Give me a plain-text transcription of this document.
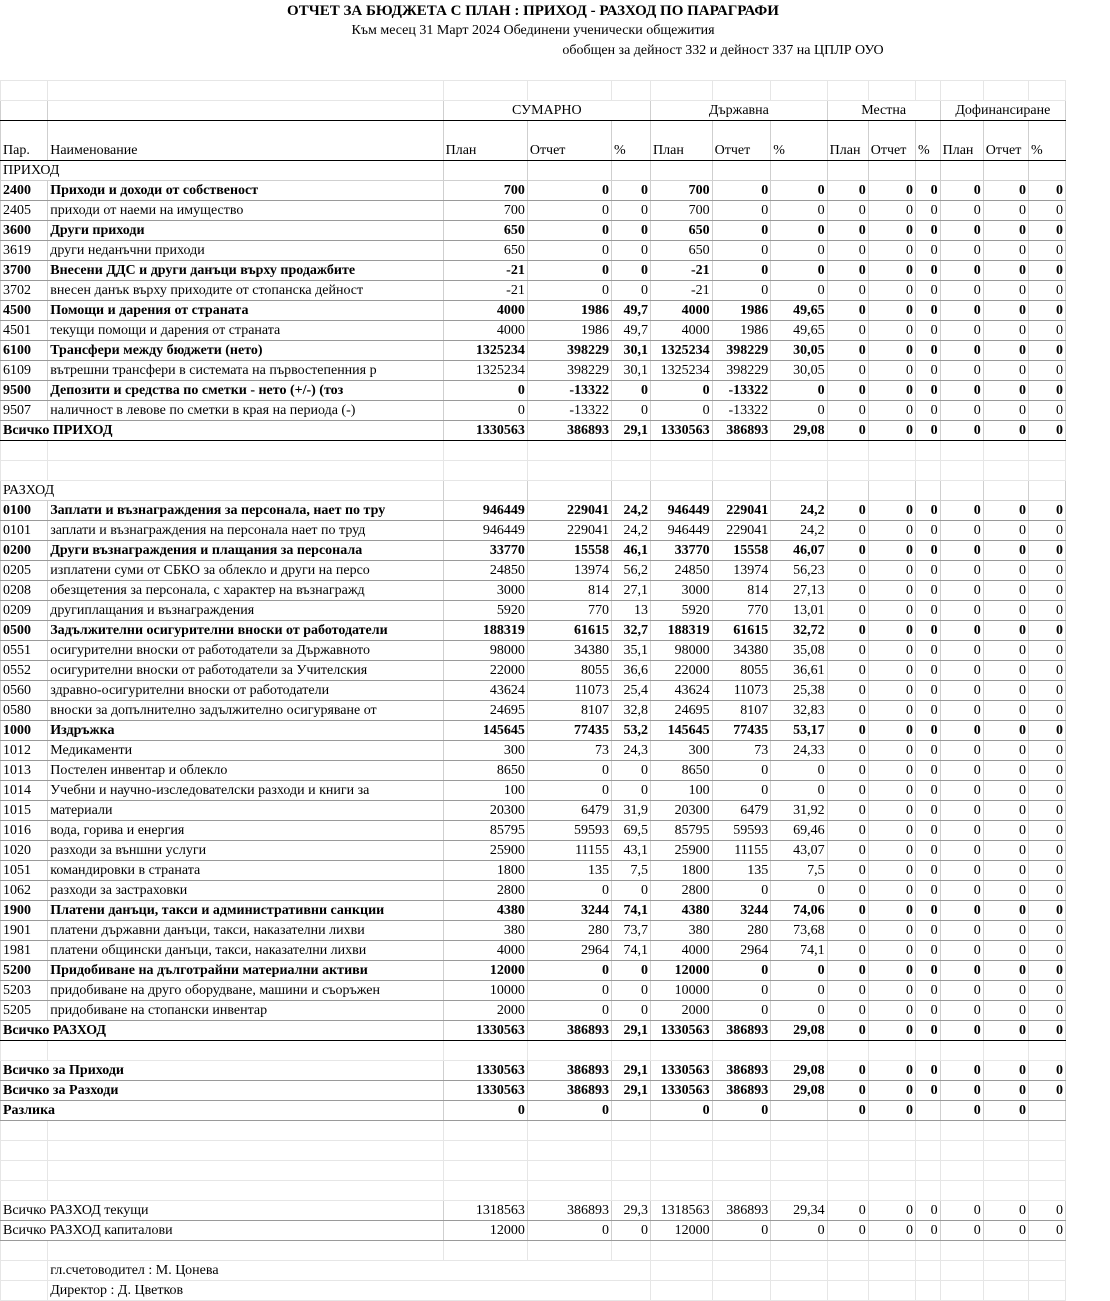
ОТЧЕТ ЗА БЮДЖЕТА С ПЛАН : ПРИХОД - РАЗХОД ПО ПАРАГРАФИ
Към месец 31 Март 2024 Обединени ученически общежития
обобщен за дейност 332 и дейност 337 на ЦПЛР ОУО

		СУМАРНО			Държавна			Местна			Дофинансиране		
Пар.	Наименование	План	Отчет	%	План	Отчет	%	План	Отчет	%	План	Отчет	%
ПРИХОД													
2400	Приходи и доходи от собственост	700	0	0	700	0	0	0	0	0	0	0	0
2405	приходи от наеми на имущество	700	0	0	700	0	0	0	0	0	0	0	0
3600	Други приходи	650	0	0	650	0	0	0	0	0	0	0	0
3619	други неданъчни приходи	650	0	0	650	0	0	0	0	0	0	0	0
3700	Внесени ДДС и други данъци върху продажбите	-21	0	0	-21	0	0	0	0	0	0	0	0
3702	внесен данък върху приходите от стопанска дейност	-21	0	0	-21	0	0	0	0	0	0	0	0
4500	Помощи и дарения от страната	4000	1986	49,7	4000	1986	49,65	0	0	0	0	0	0
4501	текущи помощи и дарения от страната	4000	1986	49,7	4000	1986	49,65	0	0	0	0	0	0
6100	Трансфери между бюджети (нето)	1325234	398229	30,1	1325234	398229	30,05	0	0	0	0	0	0
6109	вътрешни трансфери в системата на първостепенния р	1325234	398229	30,1	1325234	398229	30,05	0	0	0	0	0	0
9500	Депозити и средства по сметки - нето (+/-) (тоз	0	-13322	0	0	-13322	0	0	0	0	0	0	0
9507	наличност в левове по сметки в края на периода (-)	0	-13322	0	0	-13322	0	0	0	0	0	0	0
Всичко ПРИХОД		1330563	386893	29,1	1330563	386893	29,08	0	0	0	0	0	0

РАЗХОД													
0100	Заплати и възнаграждения за персонала, нает по тру	946449	229041	24,2	946449	229041	24,2	0	0	0	0	0	0
0101	заплати и възнаграждения на персонала нает по труд	946449	229041	24,2	946449	229041	24,2	0	0	0	0	0	0
0200	Други възнаграждения и плащания за персонала	33770	15558	46,1	33770	15558	46,07	0	0	0	0	0	0
0205	изплатени суми от СБКО за облекло и други на персо	24850	13974	56,2	24850	13974	56,23	0	0	0	0	0	0
0208	обезщетения за персонала, с характер на възнагражд	3000	814	27,1	3000	814	27,13	0	0	0	0	0	0
0209	другиплащания и възнаграждения	5920	770	13	5920	770	13,01	0	0	0	0	0	0
0500	Задължителни осигурителни вноски от работодатели	188319	61615	32,7	188319	61615	32,72	0	0	0	0	0	0
0551	осигурителни вноски от работодатели за Държавното	98000	34380	35,1	98000	34380	35,08	0	0	0	0	0	0
0552	осигурителни вноски от работодатели за Учителския	22000	8055	36,6	22000	8055	36,61	0	0	0	0	0	0
0560	здравно-осигурителни вноски от работодатели	43624	11073	25,4	43624	11073	25,38	0	0	0	0	0	0
0580	вноски за допълнително задължително осигуряване от	24695	8107	32,8	24695	8107	32,83	0	0	0	0	0	0
1000	Издръжка	145645	77435	53,2	145645	77435	53,17	0	0	0	0	0	0
1012	Медикаменти	300	73	24,3	300	73	24,33	0	0	0	0	0	0
1013	Постелен инвентар и облекло	8650	0	0	8650	0	0	0	0	0	0	0	0
1014	Учебни и научно-изследователски разходи и книги за	100	0	0	100	0	0	0	0	0	0	0	0
1015	материали	20300	6479	31,9	20300	6479	31,92	0	0	0	0	0	0
1016	вода, горива и енергия	85795	59593	69,5	85795	59593	69,46	0	0	0	0	0	0
1020	разходи за външни услуги	25900	11155	43,1	25900	11155	43,07	0	0	0	0	0	0
1051	командировки в страната	1800	135	7,5	1800	135	7,5	0	0	0	0	0	0
1062	разходи за застраховки	2800	0	0	2800	0	0	0	0	0	0	0	0
1900	Платени данъци, такси и административни санкции	4380	3244	74,1	4380	3244	74,06	0	0	0	0	0	0
1901	платени държавни данъци, такси, наказателни лихви	380	280	73,7	380	280	73,68	0	0	0	0	0	0
1981	платени общински данъци, такси, наказателни лихви	4000	2964	74,1	4000	2964	74,1	0	0	0	0	0	0
5200	Придобиване на дълготрайни материални активи	12000	0	0	12000	0	0	0	0	0	0	0	0
5203	придобиване на друго оборудване, машини и съоръжен	10000	0	0	10000	0	0	0	0	0	0	0	0
5205	придобиване на стопански инвентар	2000	0	0	2000	0	0	0	0	0	0	0	0
Всичко РАЗХОД		1330563	386893	29,1	1330563	386893	29,08	0	0	0	0	0	0

Всичко за Приходи		1330563	386893	29,1	1330563	386893	29,08	0	0	0	0	0	0
Всичко за Разходи		1330563	386893	29,1	1330563	386893	29,08	0	0	0	0	0	0
Разлика		0	0		0	0		0	0		0	0	

Всичко РАЗХОД текущи		1318563	386893	29,3	1318563	386893	29,34	0	0	0	0	0	0
Всичко РАЗХОД капиталови		12000	0	0	12000	0	0	0	0	0	0	0	0

	гл.счетоводител : М. Цонева												
	Директор : Д. Цветков												
